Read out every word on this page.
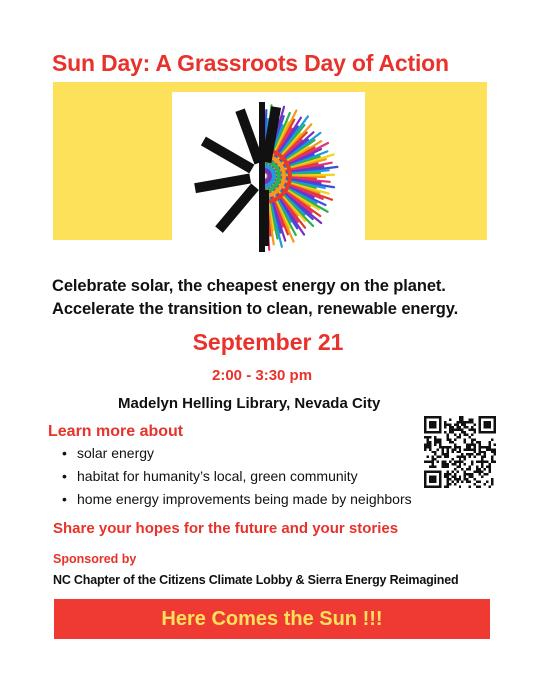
Sun Day: A Grassroots Day of Action
Celebrate solar, the cheapest energy on the planet.
Accelerate the transition to clean, renewable energy.
September 21
2:00 - 3:30 pm
Madelyn Helling Library, Nevada City
Learn more about
• solar energy
• habitat for humanity’s local, green community
• home energy improvements being made by neighbors
Share your hopes for the future and your stories
Sponsored by
NC Chapter of the Citizens Climate Lobby & Sierra Energy Reimagined
Here Comes the Sun !!!
